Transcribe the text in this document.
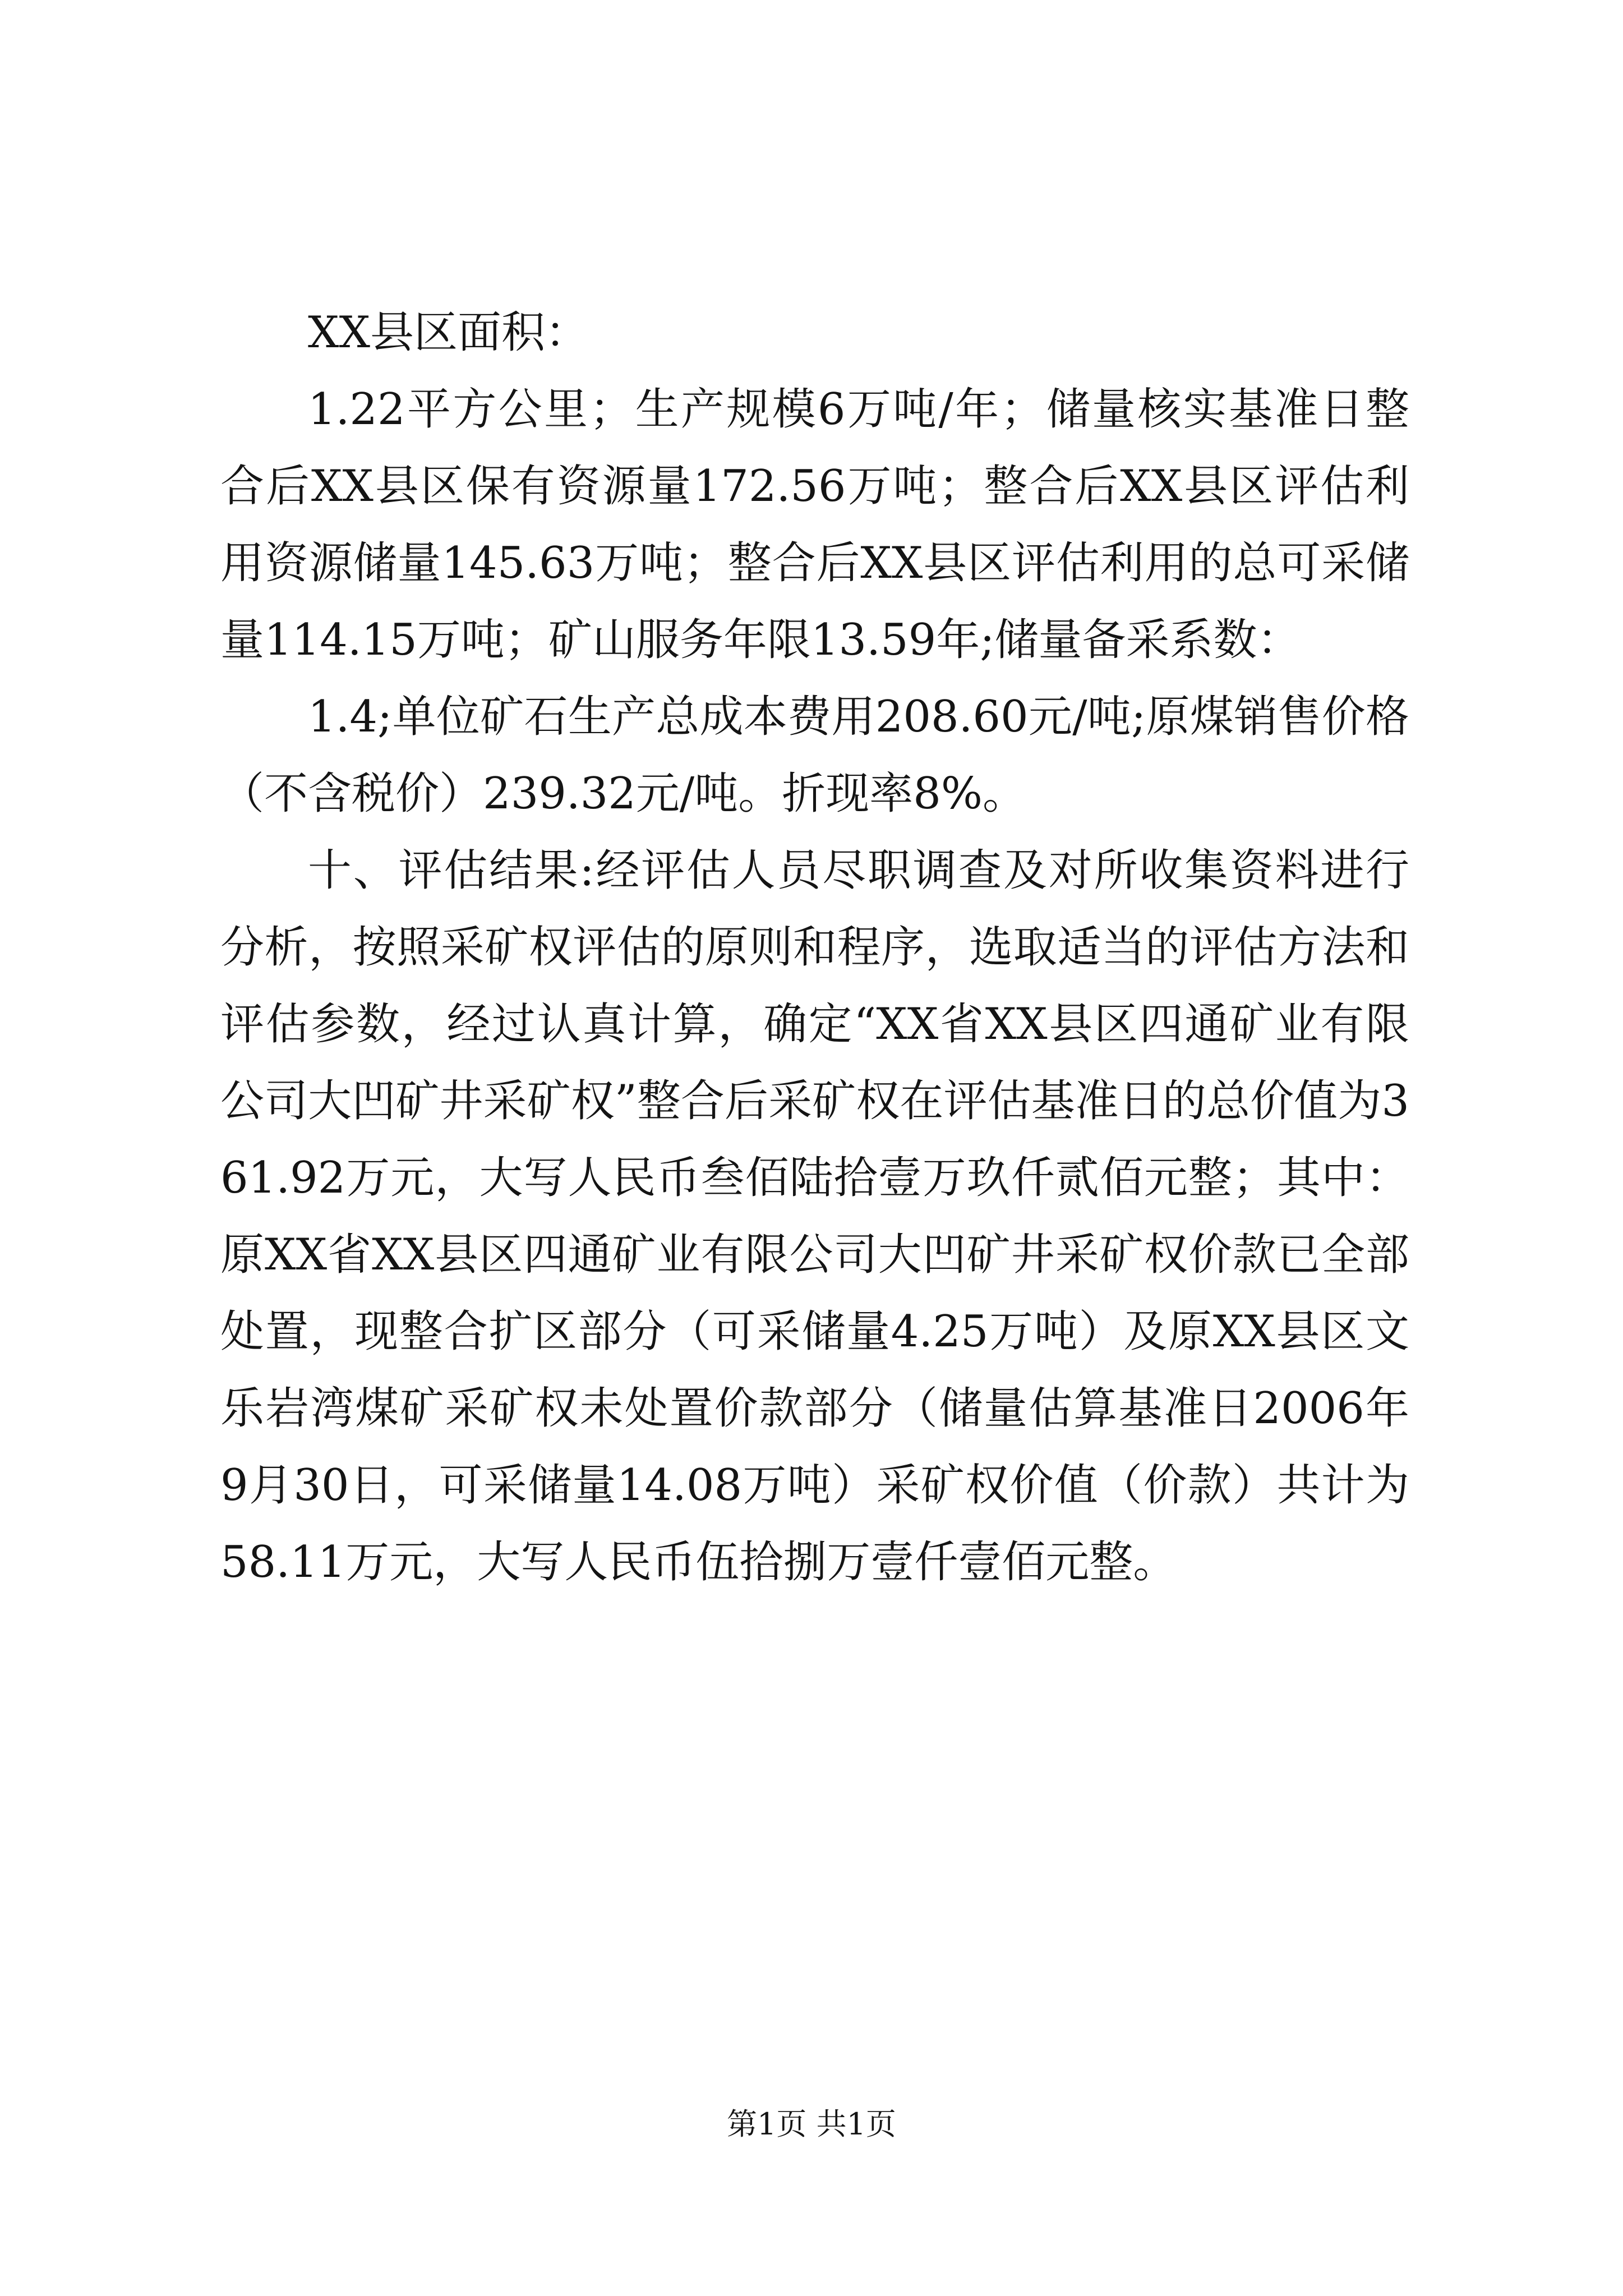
XX县区面积：

1.22平方公里；生产规模6万吨/年；储量核实基准日整合后XX县区保有资源量172.56万吨；整合后XX县区评估利用资源储量145.63万吨；整合后XX县区评估利用的总可采储量114.15万吨；矿山服务年限13.59年;储量备采系数：

1.4;单位矿石生产总成本费用208.60元/吨;原煤销售价格（不含税价）239.32元/吨。折现率8%。

十、评估结果:经评估人员尽职调查及对所收集资料进行分析，按照采矿权评估的原则和程序，选取适当的评估方法和评估参数，经过认真计算，确定“XX省XX县区四通矿业有限公司大凹矿井采矿权”整合后采矿权在评估基准日的总价值为361.92万元，大写人民币叁佰陆拾壹万玖仟贰佰元整；其中：原XX省XX县区四通矿业有限公司大凹矿井采矿权价款已全部处置，现整合扩区部分（可采储量4.25万吨）及原XX县区文乐岩湾煤矿采矿权未处置价款部分（储量估算基准日2006年9月30日，可采储量14.08万吨）采矿权价值（价款）共计为58.11万元，大写人民币伍拾捌万壹仟壹佰元整。

第1页 共1页
